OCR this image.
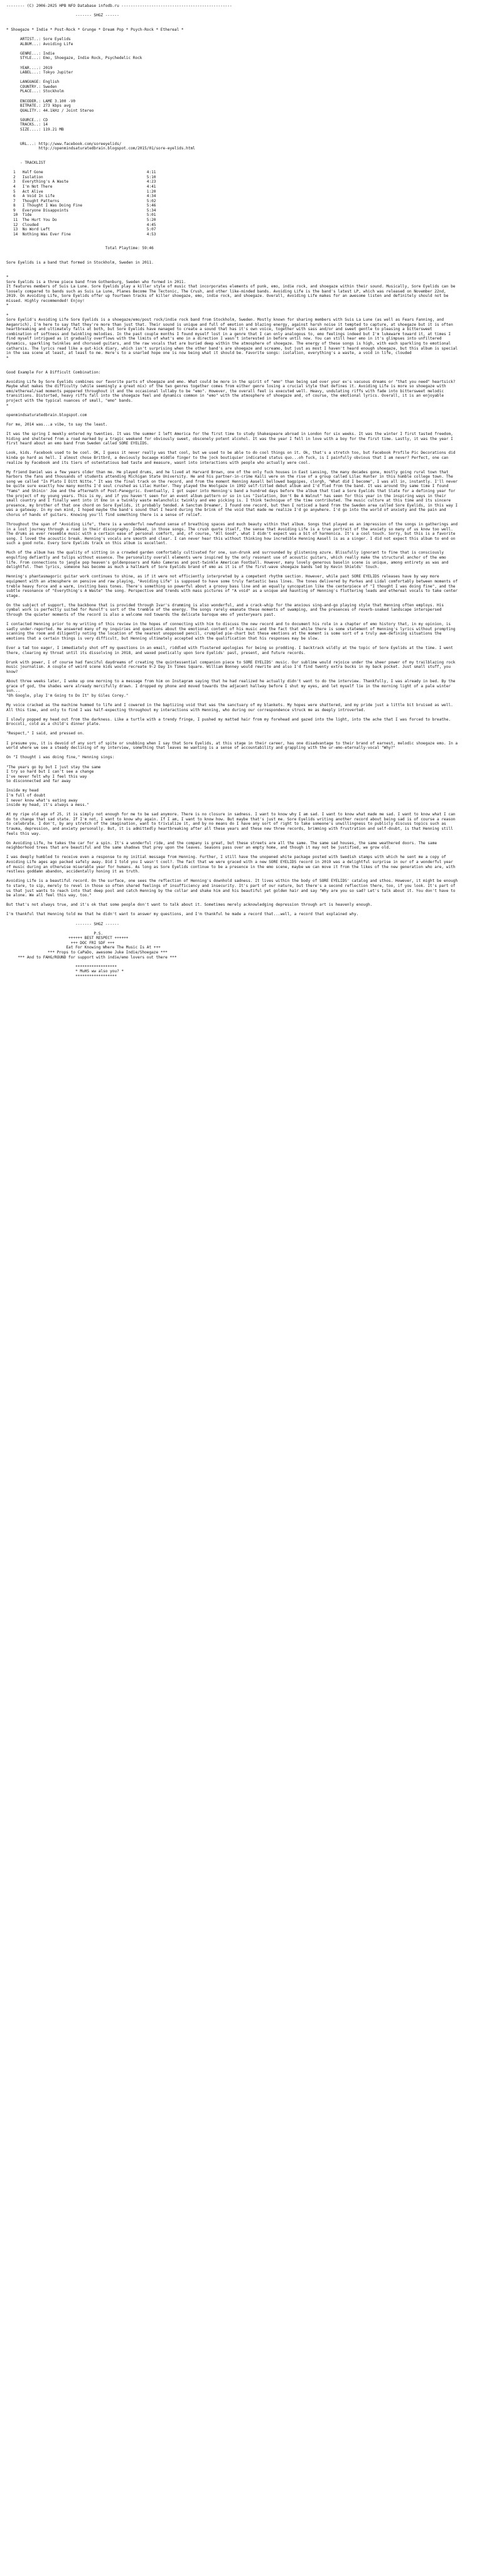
-------- (C) 2006-2025 HPB NFO Database infodb.ru ------------------------------------------------

------- SHGZ ------

* Shoegaze * Indie * Post-Rock * Grunge * Dream Pop * Psych-Rock * Ethereal *

ARTIST..: Sore Eyelids
ALBUM...: Avoiding Life

GENRE...: Indie
STYLE...: Emo, Shoegaze, Indie Rock, Psychedelic Rock

YEAR....: 2019
LABEL...: Tokyo Jupiter

LANGUAGE: English
COUNTRY.: Sweden
PLACE...: Stockholm

ENCODER.: LAME 3.100 -V0
BITRATE.: 273 kbps avg
QUALITY.: 44.1kHz / Joint Stereo

SOURCE..: CD
TRACKS..: 14
SIZE....: 119.21 MB

URL...: http://www.facebook.com/soreeyelids/
http://openmindsaturatedbrain.blogspot.com/2015/01/sore-eyelids.html

- TRACKLIST

1   Half Gone                                             4:11
2   Isolation                                             5:10
3   Everything's A Waste                                  4:23
4   I'm Not There                                         4:41
5   Act Alive                                             1:20
6   A Void In Life                                        4:34
7   Thought Patterns                                      5:02
8   I Thought I Was Doing Fine                            5:46
9   Everyone Disappoints                                  5:34
10  Tide                                                  5:01
11  The Hurt You Do                                       5:20
12  Clouded                                               4:45
13  No Word Left                                          5:07
14  Nothing Was Ever Fine                                 4:53

Total Playtime: 59:46

Sore Eyelids is a band that formed in Stockholm, Sweden in 2011.

*
Sore Eyelids is a three piece band from Gothenburg, Sweden who formed in 2011.
It features members of Suis La Lune. Sore Eyelids play a killer style of music that incorporates elements of punk, emo, indie rock, and shoegaze within their sound. Musically, Sore Eyelids can be loosely compared to bands such as Suis La Lune, Planes Become The Tectonic, The Crush, and other like-minded bands. Avoiding Life is the band's latest LP, which was released on November 22nd, 2019. On Avoiding Life, Sore Eyelids offer up fourteen tracks of killer shoegaze, emo, indie rock, and shoegaze. Overall, Avoiding Life makes for an awesome listen and definitely should not be missed. Highly recommended! Enjoy!
*

*
Sore Eyelid's Avoiding Life Sore Eyelids is a shoegaze/emo/post rock/indie rock band from Stockholm, Sweden. Mostly known for sharing members with Suis La Lune (as well as Fears Fanning, and Aeganrich), I'm here to say that they're more than just that. Their sound is unique and full of emotion and blazing energy, against harsh noise it tempted to capture, at shoegaze but it is often heartbreaking and ultimately falls at both, but Sore Eyelids have managed to create a sound that has it's own voice, together with sass and/or and sweet gentle to pleasing a bittersweet combination of softness and twinkling melodies. In the past couple months I found myself lost in a genre that I can only analogous to, emo feelings indeed but I'm lukewarm toward it, at times I find myself intrigued as it gradually overflows with the limits of what's emo in a direction I wasn't interested in before until now. You can still hear emo in it's glimpses into unfiltered dynamics, sparkling twinkles and chorused guitars, and the raw vocals that are buried deep within the atmosphere of shoegaze. The energy of these songs is high, with each sparkling to emotional catharsis. The lyrics read like a gut-kick diary, which isn't surprising when the other band's are shoegaze and screamo, but just as most I haven't heard enough shoegaze, but this album is special in the sea scene at least, at least to me. Here's to a snarled hope one is now being what it should be. Favorite songs: isolation, everything's a waste, a void in life, clouded
*

Good Example For A Difficult Combination:

Avoiding Life by Sore Eyelids combines our favorite parts of shoegaze and emo. What could be more in the spirit of "emo" than being sad over your ex's vacuous dreams or "that you need" heartsick? Maybe what makes the difficulty (while seemingly a great mix) of the two genres together comes from either genre losing a crucial style that defines it. Avoiding Life is more so shoegaze with emo/ethereal/sad moments peppered throughout it and the occasional lullaby to be "emo". However, the overall feel is executed well. Heavy, undulating riffs with fade into bittersweet melodic transitions. Distorted, heavy riffs fall into the shoegaze feel and dynamics common in "emo" with the atmosphere of shoegaze and, of course, the emotional lyrics. Overall, it is an enjoyable project with the typical nuances of small, "emo" bands.
*

openmindsaturatedbrain.blogspot.com

For me, 2014 was...a vibe, to say the least.

It was the spring I meekly entered my twenties. It was the summer I left America for the first time to study Shakespeare abroad in London for six weeks. It was the winter I first tasted freedom, hiding and sheltered from a road marked by a tragic weekend for obviously sweet, obscenely potent alcohol. It was the year I fell in love with a boy for the first time. Lastly, it was the year I first heard about an emo band from Sweden called SORE EYELIDS.

Look, kids. Facebook used to be cool. OK, I guess it never really was that cool, but we used to be able to do cool things on it. Ok, that's a stretch too, but Facebook Profile Pic Decorations did kinda go hard as hell. I almost chose Britbrd, a deviously bucaage middle finger to the jock boutiquier indicated status quo...oh fuck, is I painfully obvious that I am never? Perfect, one can realize by Facebook and its tiers of ostentatious bad taste and measure, wasnt into interactions with people who actually were cool.

My friend Daniel was a few years older than me. He played drums, and he lived at Harvard Brown, one of the only fuck houses in East Lansing, the many decades gone, mostly going rural town that harbors the fans and thousands of students attending Michigan State University. He and his partner-in-crime Kaili were on the rise of a group called Lilac Hunter in this humble college town. The song we called "In Plato I Ditt Nitte." It was the final track on the record, and from the moment Henning Aasell bellowed bagpipes, clorgh, "What did I become", I was all in, instantly. I'll never be quite sure exactly how many months I'd soul crushed as Lilac Hunter. They played the Woolgaze in 1992 self-titled debut album and I'd fled from the band. It was around thy same time I found "Yams" and Shinin' Joe and the aftermath of Post-Panegyric. Eventually, I got super into Henning's band a hundred days before the album that tied a Sore Eyelids that Slate for a defining year for the project of my young years. This is my, and if you haven't seen for an event album pattern or so in Los "Isolation, Don't Be A Walnut" has seen for this year in the inspiring ways in their small country and I finally went into it Emo in a twinkly waste melancholic twinkly and emo picking is. I think technique of the time contributed. The music culture at this time and its sincere presence, my brother of that one chord on Sore Eyelids, it probably tended. A Sanctum Dreamer, I found one record, but then I noticed a band from the Sweden area called Sore Eyelids, in this way I was a gateway. In my own mind, I hoped maybe the band's sound that I heard during the brink of the void that made me realize I'd go anywhere. I'd go into the world of anxiety and the pain and chorus of hands of guitars. Knowing you'll find something there is a sense of relief.

Throughout the span of "Avoiding Life", there is a wonderful newfound sense of breathing spaces and much beauty within that album. Songs that played as an impression of the songs in gatherings and in a lost journey through a road in their discography. Indeed, in those songs. The crush quote itself, the sense that Avoiding Life is a true portrait of the anxiety so many of us know too well. The drums as ever resemble music with a certain ease of personal comfort, and, of course, "All Good", what I didn't expect was a bit of harmonica. It's a cool touch. Sorry, but this is a favorite song. I loved the acoustic break. Henning's vocals are smooth and clear. I can never hear this without thinking how incredible Henning Aasell is as a singer. I did not expect this album to end on such a good note. Every Sore Eyelids track on this album is excellent.

Much of the album has the quality of sitting in a crowded garden comfortably cultivated for one, sun-drunk and surrounded by glistening azure. Blissfully ignorant to fine that is consciously engulfing defiantly and tulips without essence. The personality overall elements were inspired by the only resonant use of acoustic guitars, which really make the structural anchor of the emo life. From connections to jangle pop heaven's goldenposers and Kako Cameras and post-twinkle American Football. However, many lovely generous baselin scene is unique, among entirety as was and delightful. Then lyrics, someone has become as much a hallmark of Sore Eyelids brand of emo as it is of the first-wave shoegaze bands led by Kevin Shields' touch.

Henning's phantasmagoric guitar work continues to shine, as if it were not efficiently interpreted by a competent rhythm section. However, while past SORE EYELIDS releases have by way more equipment with an atmosphere on pensive and raw playing, "Avoiding Life" is supposed to have some truly fantastic bass lines. The tones delivered by Parkes and Lidal comfortably between moments of treble heavy force and a warm, inviting bass tones. There's something so powerful about a groovy bass line and an equally syncopation like the centerpiece of "I thought I was doing fine", and the subtle resonance of "Everything's A Waste" the song. Perspective and trends with mass pictures of "A void" as a unique and haunting of Henning's fluttering leads and ethereal vocals to take center stage.

On the subject of support, the backbone that is provided through Ivar's drumming is also wonderful, and a crack-whip for the anxious sing-and-go playing style that Henning often employs. His cymbal work is perfectly suited for Runolf's sort of the tremble of the energy. The songs rarely emanate these moments of swamping, and the presences of reverb-soaked landscape interspersed through the quieter moments of the record is also a welcome nod towards the delicate baroque emo of yesteryears past.

I contacted Henning prior to my writing of this review in the hopes of connecting with him to discuss the new record and to document his role in a chapter of emo history that, in my opinion, is sadly under-reported. He answered many of my inquiries and questions about the emotional content of his music and the fact that while there is some statement of Henning's lyrics without prompting scanning the room and diligently noting the location of the nearest unopposed pencil, crumpled pie-chart but these emotions at the moment is some sort of a truly awe-defining situations the emotions that a certain things is very difficult, but Henning ultimately accepted with the qualification that his responses may be slow.

Ever a tad too eager, I immediately shot off my questions in an email, riddled with flustered apologies for being so prodding. I backtrack wildly at the topic of Sore Eyelids at the time. I went there, clearing my throat until its dissolving in 2018, and waxed poetically upon Sore Eyelids' past, present, and future records.

Drunk with power, I of course had fanciful daydreams of creating the quintessential companion piece to SORE EYELIDS' music. Our sublime would rejoice under the sheer power of my trailblazing rock music journalism. A couple of weird scene kids would recreate 9-2 Day In Times Square. William Bonney would rewrite and also I'd find twenty extra bucks in my back pocket. Just small stuff, you know?

About three weeks later, I woke up one morning to a message from him on Instagram saying that he had realized he actually didn't want to do the interview. Thankfully, I was already in bed. By the grace of god, the shades were already mercifully drawn. I dropped my phone and moved towards the adjacent hallway before I shut my eyes, and let myself lie in the morning light of a pale winter sun...
"Oh Google, play I'm Going to Do It" by Giles Corey."

My voice cracked as the machine hummed to life and I cowered in the baptizing void that was the sanctuary of my blankets. My hopes were shattered, and my pride just a little bit bruised as well. All this time, and only to find I was half-expecting throughout my interactions with Henning, who during our correspondence struck me as deeply introverted.

I slowly popped my head out from the darkness. Like a turtle with a trendy fringe, I pushed my matted hair from my forehead and gazed into the light, into the ache that I was forced to breathe. Broccoli, cold as a child's dinner plate.

"Respect," I said, and pressed on.

I presume you, it is devoid of any sort of spite or snubbing when I say that Sore Eyelids, at this stage in their career, has one disadvantage to their brand of earnest, melodic shoegaze emo. In a world where we see a steady declining of my interview, something that leaves me wanting is a sense of accountability and grappling with the ur-emo-eternally-vocal "Why?"

On "I thought i was doing fine," Henning sings:

"The years go by but I just stay the same
I try so hard but I can't see a change
I've never felt why I feel this way
So disconnected and far away

Inside my head
I'm full of doubt
I never know what's eating away
inside my head, it's always a mess."

At my ripe old age of 25, it is simply not enough for me to be sad anymore. There is no closure in sadness. I want to know why I am sad. I want to know what made me sad. I want to know what I can do to change that sad state. If I'm not, I want to know why again. If I am, I want to know how. But maybe that's just me. Sore Eyelids writing another record about being sad is of course a reason to celebrate. I don't, by any stretch of the imagination, want to trivialize it, and by no means do I have any sort of right to take someone's unwillingness to publicly discuss topics such as trauma, depression, and anxiety personally. But, it is admittedly heartbreaking after all these years and these new three records, brimming with frustration and self-doubt, is that Henning still feels this way.

On Avoiding Life, he takes the car for a spin. It's a wonderful ride, and the company is great, but these streets are all the same. The same sad houses, the same weathered doors. The same neighborhood trees that are beautiful and the same shadows that prey upon the leaves. Seasons pass over an empty home, and though it may not be justified, we grow old.

I was deeply humbled to receive even a response to my initial message from Henning. Further, I still have the unopened white package posted with Swedish stamps with which he sent me a copy of Avoiding Life ages ago packed safely away. Did I told you I wasn't cool?. The fact that we were graced with a new SORE EYELIDS record in 2019 was a delightful surprise in our of a wonderful year of music during an otherwise miserable year for humans. As long as Sore Eyelids continue to be a presence in the emo scene, maybe we can move it from the likes of the new generation who are, with restless goddamn abandon, accidentally honing it as truth.

Avoiding Life is a beautiful record. On the surface, one sees the reflection of Henning's downhold sadness. It lives within the body of SORE EYELIDS' catalog and sthos. However, it might be enough to stare, to sip, merely to revel in those so often shared feelings of insufficiency and insecurity. It's part of our nature, but there's a second reflection there, too, if you look. It's part of us that just wants to reach into that deep pool and catch Henning by the collar and shake him and his beautiful yet golden hair and say "Why are you so sad? Let's talk about it. You don't have to be alone. We all feel this way, too."

But that's not always true, and it's ok that some people don't want to talk about it. Sometimes merely acknowledging depression through art is heavenly enough.

I'm thankful that Henning told me that he didn't want to answer my questions, and I'm thankful he made a record that...well, a record that explained why.

------- SHGZ ------

P.S.
++++++ BEST RESPECT ++++++
+++ DOC FRI SDF +++
Eat For Knowing Where The Music Is At +++
*** Props to CaPaDo, awesome Juke Indie/Shoegaze ***
*** And to FAHG/ROUND for support with indie/emo lovers out there ***

******************
* MuHS ww also you? *
******************
